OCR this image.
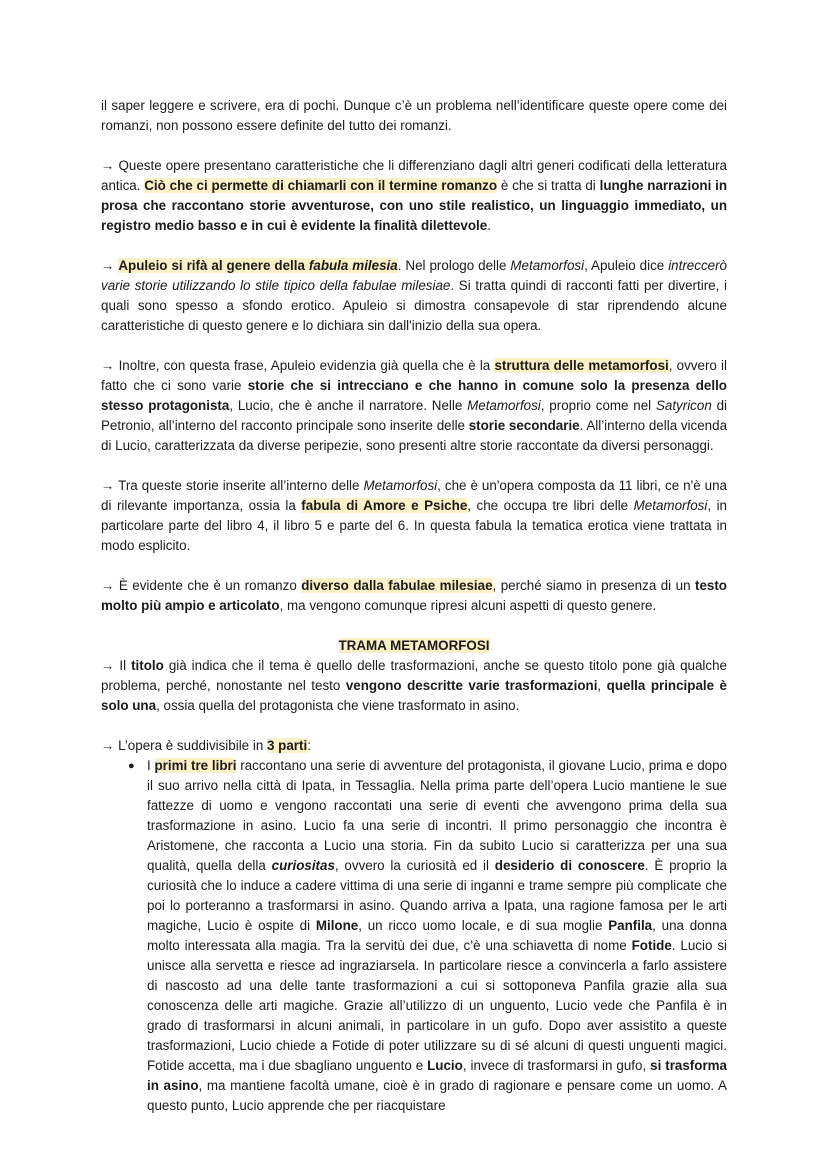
il saper leggere e scrivere, era di pochi. Dunque c’è un problema nell’identificare queste opere come dei romanzi, non possono essere definite del tutto dei romanzi.

→ Queste opere presentano caratteristiche che li differenziano dagli altri generi codificati della letteratura antica. Ciò che ci permette di chiamarli con il termine romanzo è che si tratta di lunghe narrazioni in prosa che raccontano storie avventurose, con uno stile realistico, un linguaggio immediato, un registro medio basso e in cui è evidente la finalità dilettevole.

→ Apuleio si rifà al genere della fabula milesia. Nel prologo delle Metamorfosi, Apuleio dice intreccerò varie storie utilizzando lo stile tipico della fabulae milesiae. Si tratta quindi di racconti fatti per divertire, i quali sono spesso a sfondo erotico. Apuleio si dimostra consapevole di star riprendendo alcune caratteristiche di questo genere e lo dichiara sin dall'inizio della sua opera.

→ Inoltre, con questa frase, Apuleio evidenzia già quella che è la struttura delle metamorfosi, ovvero il fatto che ci sono varie storie che si intrecciano e che hanno in comune solo la presenza dello stesso protagonista, Lucio, che è anche il narratore. Nelle Metamorfosi, proprio come nel Satyricon di Petronio, all’interno del racconto principale sono inserite delle storie secondarie. All’interno della vicenda di Lucio, caratterizzata da diverse peripezie, sono presenti altre storie raccontate da diversi personaggi.

→ Tra queste storie inserite all’interno delle Metamorfosi, che è un'opera composta da 11 libri, ce n'è una di rilevante importanza, ossia la fabula di Amore e Psiche, che occupa tre libri delle Metamorfosi, in particolare parte del libro 4, il libro 5 e parte del 6. In questa fabula la tematica erotica viene trattata in modo esplicito.

→ È evidente che è un romanzo diverso dalla fabulae milesiae, perché siamo in presenza di un testo molto più ampio e articolato, ma vengono comunque ripresi alcuni aspetti di questo genere.

TRAMA METAMORFOSI

→ Il titolo già indica che il tema è quello delle trasformazioni, anche se questo titolo pone già qualche problema, perché, nonostante nel testo vengono descritte varie trasformazioni, quella principale è solo una, ossia quella del protagonista che viene trasformato in asino.

→ L’opera è suddivisibile in 3 parti:

● I primi tre libri raccontano una serie di avventure del protagonista, il giovane Lucio, prima e dopo il suo arrivo nella città di Ipata, in Tessaglia. Nella prima parte dell’opera Lucio mantiene le sue fattezze di uomo e vengono raccontati una serie di eventi che avvengono prima della sua trasformazione in asino. Lucio fa una serie di incontri. Il primo personaggio che incontra è Aristomene, che racconta a Lucio una storia. Fin da subito Lucio si caratterizza per una sua qualità, quella della curiositas, ovvero la curiosità ed il desiderio di conoscere. È proprio la curiosità che lo induce a cadere vittima di una serie di inganni e trame sempre più complicate che poi lo porteranno a trasformarsi in asino. Quando arriva a Ipata, una ragione famosa per le arti magiche, Lucio è ospite di Milone, un ricco uomo locale, e di sua moglie Panfila, una donna molto interessata alla magia. Tra la servitù dei due, c’è una schiavetta di nome Fotide. Lucio si unisce alla servetta e riesce ad ingraziarsela. In particolare riesce a convincerla a farlo assistere di nascosto ad una delle tante trasformazioni a cui si sottoponeva Panfila grazie alla sua conoscenza delle arti magiche. Grazie all’utilizzo di un unguento, Lucio vede che Panfila è in grado di trasformarsi in alcuni animali, in particolare in un gufo. Dopo aver assistito a queste trasformazioni, Lucio chiede a Fotide di poter utilizzare su di sé alcuni di questi unguenti magici. Fotide accetta, ma i due sbagliano unguento e Lucio, invece di trasformarsi in gufo, si trasforma in asino, ma mantiene facoltà umane, cioè è in grado di ragionare e pensare come un uomo. A questo punto, Lucio apprende che per riacquistare
